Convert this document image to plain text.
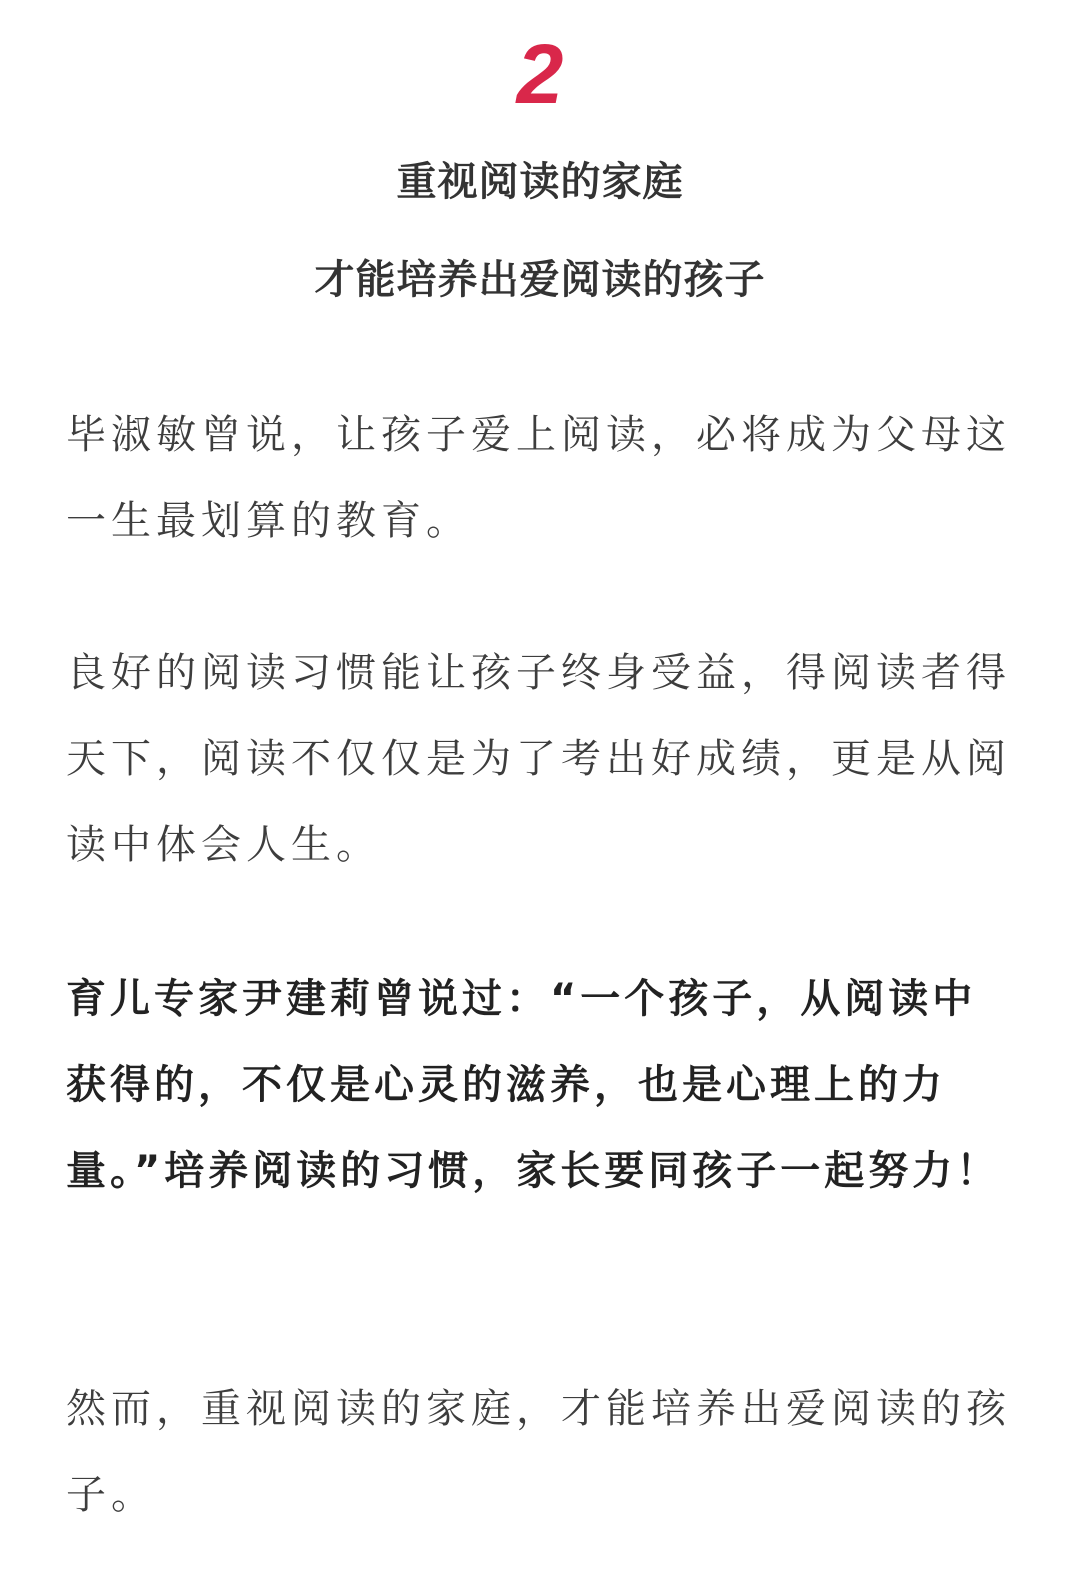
2
重视阅读的家庭
才能培养出爱阅读的孩子
毕淑敏曾说，让孩子爱上阅读，必将成为父母这一生最划算的教育。
良好的阅读习惯能让孩子终身受益，得阅读者得天下，阅读不仅仅是为了考出好成绩，更是从阅读中体会人生。
育儿专家尹建莉曾说过：“一个孩子，从阅读中获得的，不仅是心灵的滋养，也是心理上的力量。”培养阅读的习惯，家长要同孩子一起努力！
然而，重视阅读的家庭，才能培养出爱阅读的孩子。
